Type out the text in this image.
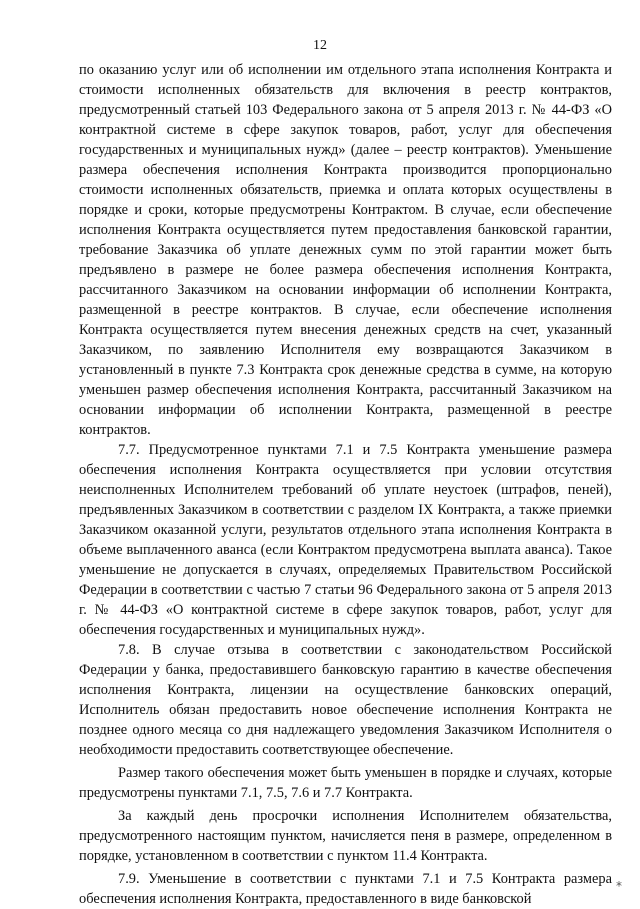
12

по оказанию услуг или об исполнении им отдельного этапа исполнения Контракта и стоимости исполненных обязательств для включения в реестр контрактов, предусмотренный статьей 103 Федерального закона от 5 апреля 2013 г. № 44-ФЗ «О контрактной системе в сфере закупок товаров, работ, услуг для обеспечения государственных и муниципальных нужд» (далее – реестр контрактов). Уменьшение размера обеспечения исполнения Контракта производится пропорционально стоимости исполненных обязательств, приемка и оплата которых осуществлены в порядке и сроки, которые предусмотрены Контрактом. В случае, если обеспечение исполнения Контракта осуществляется путем предоставления банковской гарантии, требование Заказчика об уплате денежных сумм по этой гарантии может быть предъявлено в размере не более размера обеспечения исполнения Контракта, рассчитанного Заказчиком на основании информации об исполнении Контракта, размещенной в реестре контрактов. В случае, если обеспечение исполнения Контракта осуществляется путем внесения денежных средств на счет, указанный Заказчиком, по заявлению Исполнителя ему возвращаются Заказчиком в установленный в пункте 7.3 Контракта срок денежные средства в сумме, на которую уменьшен размер обеспечения исполнения Контракта, рассчитанный Заказчиком на основании информации об исполнении Контракта, размещенной в реестре контрактов.

7.7. Предусмотренное пунктами 7.1 и 7.5 Контракта уменьшение размера обеспечения исполнения Контракта осуществляется при условии отсутствия неисполненных Исполнителем требований об уплате неустоек (штрафов, пеней), предъявленных Заказчиком в соответствии с разделом IX Контракта, а также приемки Заказчиком оказанной услуги, результатов отдельного этапа исполнения Контракта в объеме выплаченного аванса (если Контрактом предусмотрена выплата аванса). Такое уменьшение не допускается в случаях, определяемых Правительством Российской Федерации в соответствии с частью 7 статьи 96 Федерального закона от 5 апреля 2013 г. № 44-ФЗ «О контрактной системе в сфере закупок товаров, работ, услуг для обеспечения государственных и муниципальных нужд».

7.8. В случае отзыва в соответствии с законодательством Российской Федерации у банка, предоставившего банковскую гарантию в качестве обеспечения исполнения Контракта, лицензии на осуществление банковских операций, Исполнитель обязан предоставить новое обеспечение исполнения Контракта не позднее одного месяца со дня надлежащего уведомления Заказчиком Исполнителя о необходимости предоставить соответствующее обеспечение.

Размер такого обеспечения может быть уменьшен в порядке и случаях, которые предусмотрены пунктами 7.1, 7.5, 7.6 и 7.7 Контракта.

За каждый день просрочки исполнения Исполнителем обязательства, предусмотренного настоящим пунктом, начисляется пеня в размере, определенном в порядке, установленном в соответствии с пунктом 11.4 Контракта.

7.9. Уменьшение в соответствии с пунктами 7.1 и 7.5 Контракта размера обеспечения исполнения Контракта, предоставленного в виде банковской

*
